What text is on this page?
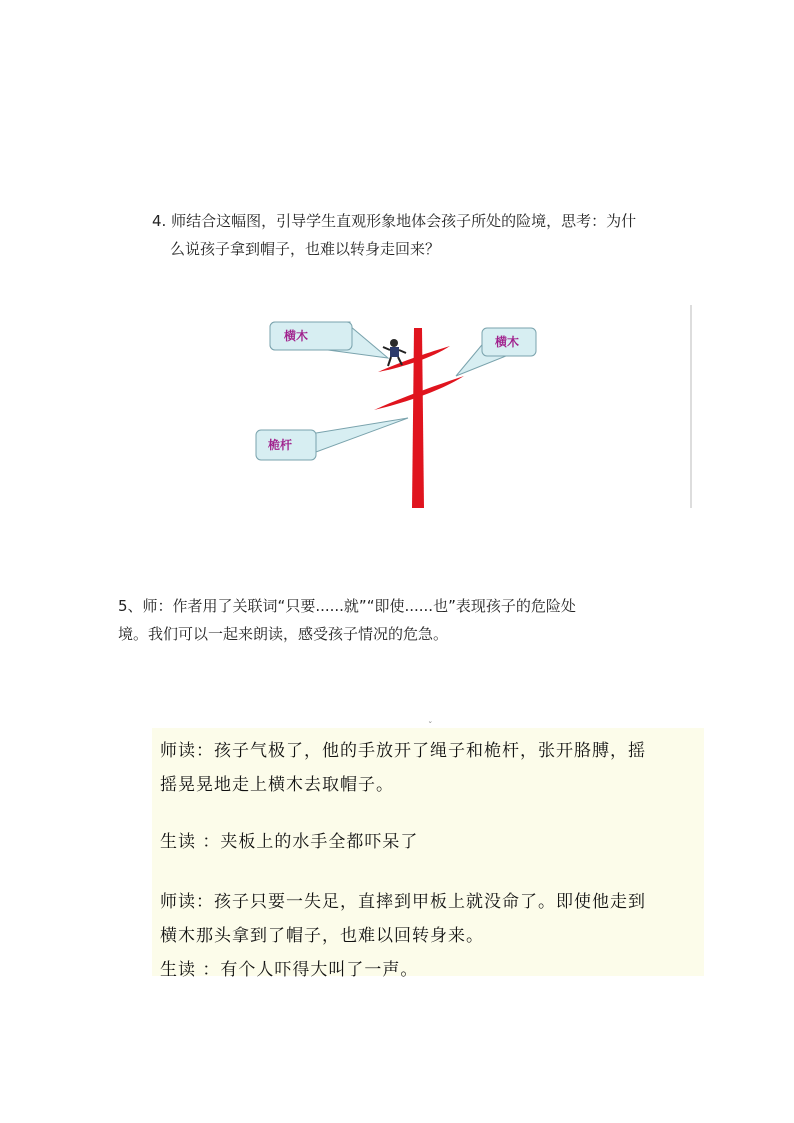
4. 师结合这幅图，引导学生直观形象地体会孩子所处的险境，思考：为什
么说孩子拿到帽子，也难以转身走回来？
横木	横木
桅杆
5、师：作者用了关联词“只要......就”“即使......也”表现孩子的危险处
境。我们可以一起来朗读，感受孩子情况的危急。
ˇ

师读：孩子气极了，他的手放开了绳子和桅杆，张开胳膊，摇

摇晃晃地走上横木去取帽子。

生读 ：夹板上的水手全都吓呆了

师读：孩子只要一失足，直摔到甲板上就没命了。即使他走到

横木那头拿到了帽子，也难以回转身来。

生读 ：有个人吓得大叫了一声。
